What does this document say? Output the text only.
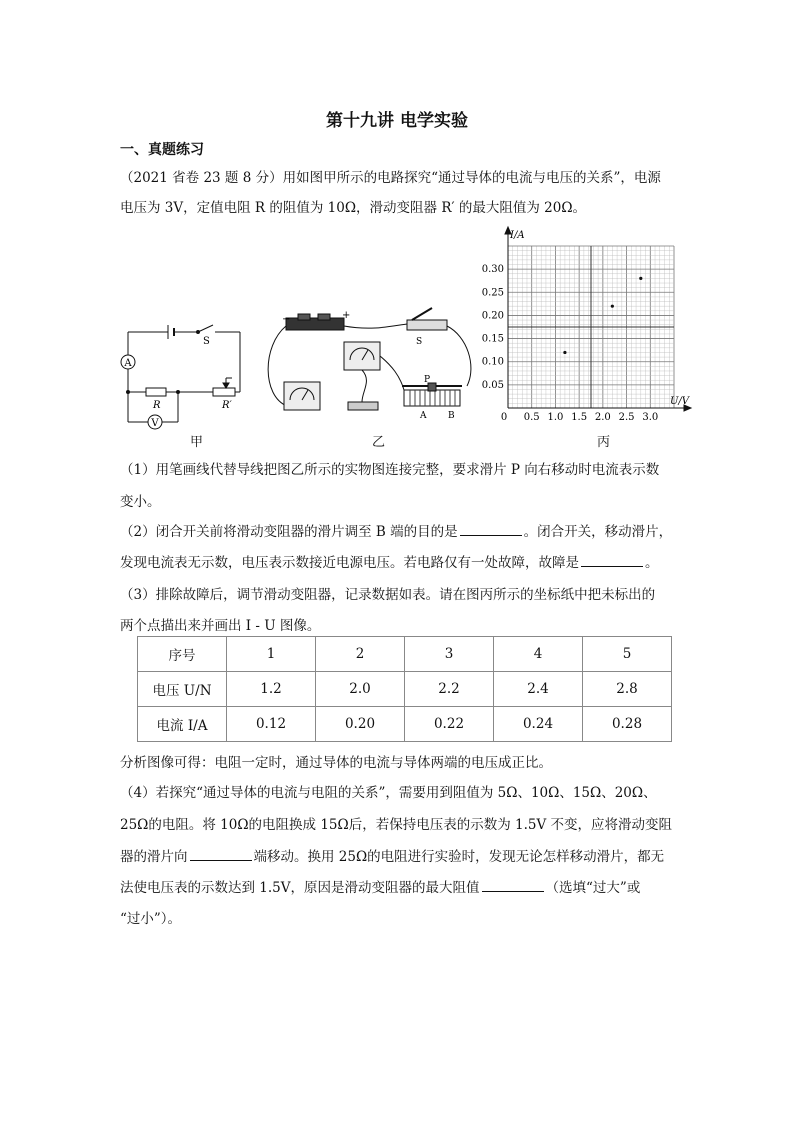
第十九讲 电学实验
一、真题练习
（2021 省卷 23 题 8 分）用如图甲所示的电路探究“通过导体的电流与电压的关系”，电源
电压为 3V，定值电阻 R 的阻值为 10Ω，滑动变阻器 R′ 的最大阻值为 20Ω。
A
V
S
R	R′
甲
−	+
S
P
A B
乙
0 0.5 1.0 1.5 2.0 2.5 3.0
0.05
0.10
0.15
0.20
0.25
0.30
I/A
U/V
丙
（1）用笔画线代替导线把图乙所示的实物图连接完整，要求滑片 P 向右移动时电流表示数
变小。
（2）闭合开关前将滑动变阻器的滑片调至 B 端的目的是	。闭合开关，移动滑片，
发现电流表无示数，电压表示数接近电源电压。若电路仅有一处故障，故障是	。
（3）排除故障后，调节滑动变阻器，记录数据如表。请在图丙所示的坐标纸中把未标出的
两个点描出来并画出 I - U 图像。
序号	1	2	3	4	5
电压 U/N	1.2	2.0	2.2	2.4	2.8
电流 I/A	0.12	0.20	0.22	0.24	0.28
分析图像可得：电阻一定时，通过导体的电流与导体两端的电压成正比。
（4）若探究“通过导体的电流与电阻的关系”，需要用到阻值为 5Ω、10Ω、15Ω、20Ω、
25Ω的电阻。将 10Ω的电阻换成 15Ω后，若保持电压表的示数为 1.5V 不变，应将滑动变阻
器的滑片向	端移动。换用 25Ω的电阻进行实验时，发现无论怎样移动滑片，都无
法使电压表的示数达到 1.5V，原因是滑动变阻器的最大阻值	（选填“过大”或
“过小”）。
